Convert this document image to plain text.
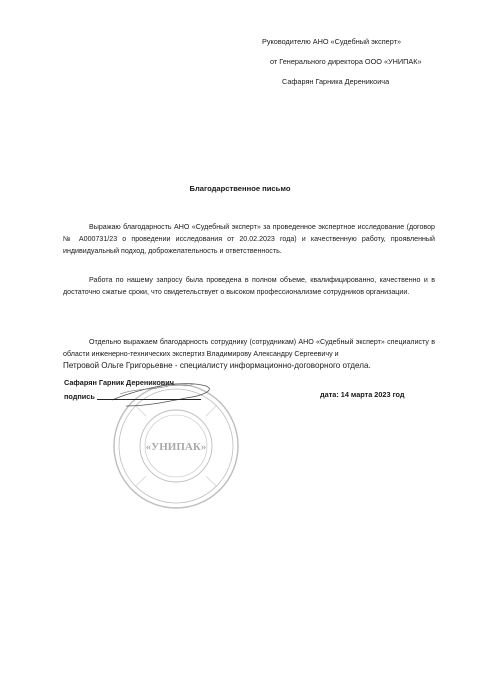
Руководителю АНО «Судебный эксперт»
от Генерального директора ООО «УНИПАК»
Сафарян Гарника Дереникоича
Благодарственное письмо
Выражаю благодарность АНО «Судебный эксперт» за проведенное экспертное исследование (договор № А000731/23 о проведении исследования от 20.02.2023 года) и качественную работу, проявленный индивидуальный подход, доброжелательность и ответственность.
Работа по нашему запросу была проведена в полном объеме, квалифицированно, качественно и в достаточно сжатые сроки, что свидетельствует о высоком профессионализме сотрудников организации.
Отдельно выражаем благодарность сотруднику (сотрудникам) АНО «Судебный эксперт» специалисту в области инженерно-технических экспертиз Владимирову Александру Сергеевичу и
Петровой Ольге Григорьевне - специалисту информационно-договорного отдела.
«УНИПАК»
Сафарян Гарник Дереникович
подпись	дата: 14 марта 2023 год
